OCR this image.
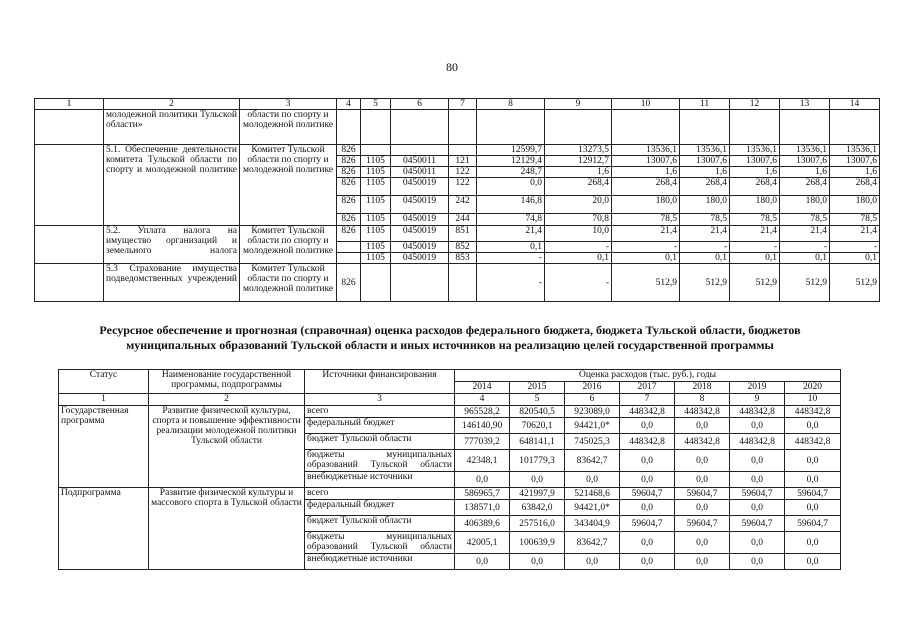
80
1	2	3	4	5	6	7	8	9	10	11	12	13	14
	молодежной политики Тульской области»	области по спорту и молодежной политике											
	5.1. Обеспечение деятельности комитета Тульской области по спорту и молодежной политике	Комитет Тульской области по спорту и молодежной политике	826				12599,7	13273,5	13536,1	13536,1	13536,1	13536,1	13536,1
			826	1105	0450011	121	12129,4	12912,7	13007,6	13007,6	13007,6	13007,6	13007,6
			826	1105	0450011	122	248,7	1,6	1,6	1,6	1,6	1,6	1,6
			826	1105	0450019	122	0,0	268,4	268,4	268,4	268,4	268,4	268,4
			826	1105	0450019	242	146,8	20,0	180,0	180,0	180,0	180,0	180,0
			826	1105	0450019	244	74,8	70,8	78,5	78,5	78,5	78,5	78,5
	5.2. Уплата налога на имущество организаций и земельного налога	Комитет Тульской области по спорту и молодежной политике	826	1105	0450019	851	21,4	10,0	21,4	21,4	21,4	21,4	21,4
				1105	0450019	852	0,1	-	-	-	-	-	-
				1105	0450019	853	-	0,1	0,1	0,1	0,1	0,1	0,1
	5.3 Страхование имущества подведомственных учреждений	Комитет Тульской области по спорту и молодежной политике	826				-	-	512,9	512,9	512,9	512,9	512,9
Ресурсное обеспечение и прогнозная (справочная) оценка расходов федерального бюджета, бюджета Тульской области, бюджетов муниципальных образований Тульской области и иных источников на реализацию целей государственной программы
Статус	Наименование государственной программы, подпрограммы	Источники финансирования	Оценка расходов (тыс. руб.), годы						
			2014	2015	2016	2017	2018	2019	2020
1	2	3	4	5	6	7	8	9	10
Государственная программа	Развитие физической культуры, спорта и повышение эффективности реализации молодежной политики Тульской области	всего	965528,2	820540,5	923089,0	448342,8	448342,8	448342,8	448342,8
		федеральный бюджет	146140,90	70620,1	94421,0*	0,0	0,0	0,0	0,0
		бюджет Тульской области	777039,2	648141,1	745025,3	448342,8	448342,8	448342,8	448342,8
		бюджеты муниципальных образований Тульской области	42348,1	101779,3	83642,7	0,0	0,0	0,0	0,0
		внебюджетные источники	0,0	0,0	0,0	0,0	0,0	0,0	0,0
Подпрограмма	Развитие физической культуры и массового спорта в Тульской области	всего	586965,7	421997,9	521468,6	59604,7	59604,7	59604,7	59604,7
		федеральный бюджет	138571,0	63842,0	94421,0*	0,0	0,0	0,0	0,0
		бюджет Тульской области	406389,6	257516,0	343404,9	59604,7	59604,7	59604,7	59604,7
		бюджеты муниципальных образований Тульской области	42005,1	100639,9	83642,7	0,0	0,0	0,0	0,0
		внебюджетные источники	0,0	0,0	0,0	0,0	0,0	0,0	0,0
